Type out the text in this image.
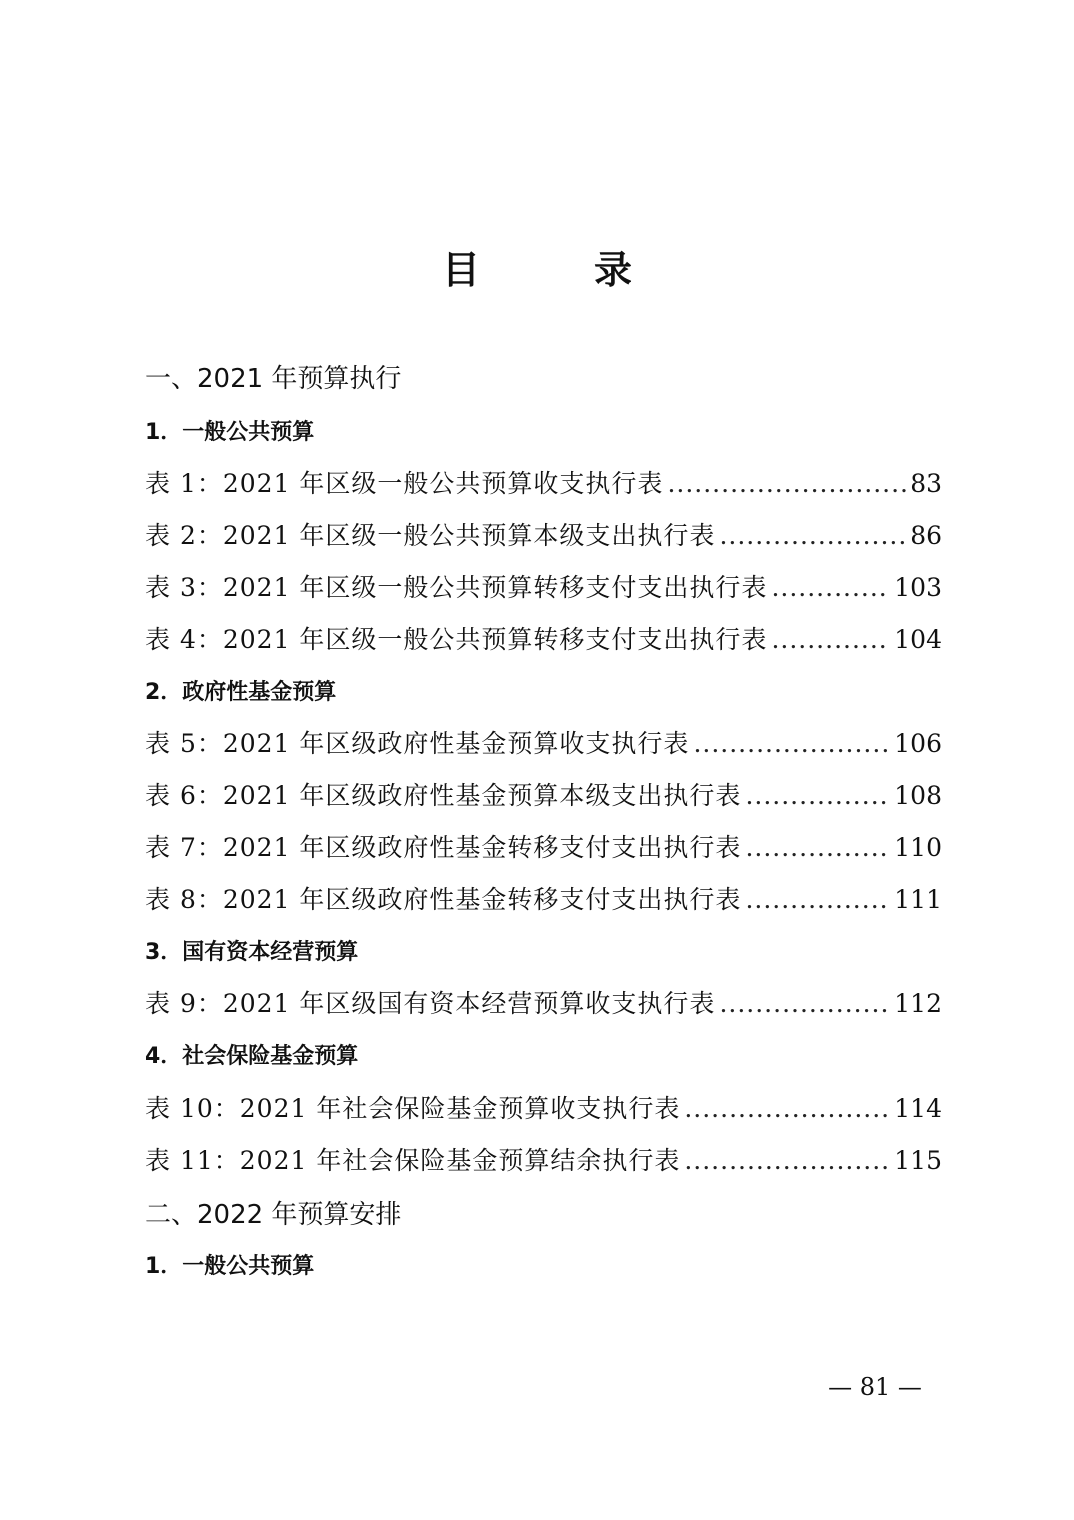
目　录
一、2021 年预算执行
1．一般公共预算
表 1：2021 年区级一般公共预算收支执行表 .....	83
表 2：2021 年区级一般公共预算本级支出执行表 .....	86
表 3：2021 年区级一般公共预算转移支付支出执行表 .....	103
表 4：2021 年区级一般公共预算转移支付支出执行表 .....	104
2．政府性基金预算
表 5：2021 年区级政府性基金预算收支执行表 .....	106
表 6：2021 年区级政府性基金预算本级支出执行表 .....	108
表 7：2021 年区级政府性基金转移支付支出执行表 .....	110
表 8：2021 年区级政府性基金转移支付支出执行表 .....	111
3．国有资本经营预算
表 9：2021 年区级国有资本经营预算收支执行表 .....	112
4．社会保险基金预算
表 10：2021 年社会保险基金预算收支执行表 .....	114
表 11：2021 年社会保险基金预算结余执行表 .....	115
二、2022 年预算安排
1．一般公共预算
— 81 —
